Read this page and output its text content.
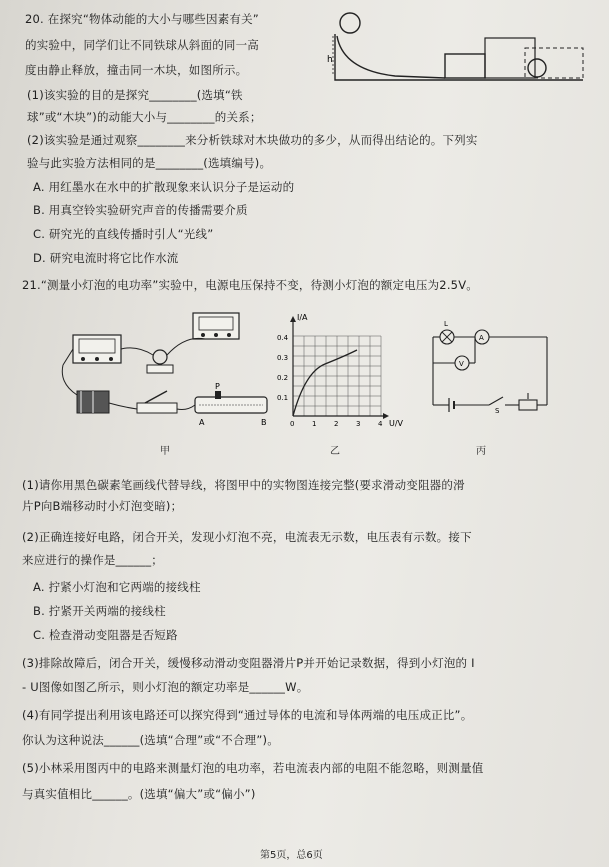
20. 在探究“物体动能的大小与哪些因素有关”
的实验中，同学们让不同铁球从斜面的同一高
度由静止释放，撞击同一木块，如图所示。
(1)该实验的目的是探究________(选填“铁
球”或“木块”)的动能大小与________的关系；
(2)该实验是通过观察________来分析铁球对木块做功的多少，从而得出结论的。下列实
验与此实验方法相同的是________(选填编号)。
A. 用红墨水在水中的扩散现象来认识分子是运动的
B. 用真空铃实验研究声音的传播需要介质
C. 研究光的直线传播时引人“光线”
D. 研究电流时将它比作水流
h
21.“测量小灯泡的电功率”实验中，电源电压保持不变，待测小灯泡的额定电压为2.5V。
P
A	B
甲
I/A
U/V
0.4
0.3
0.2
0.1
0	1	2	3	4
乙
L
A
V
S
丙
(1)请你用黑色碳素笔画线代替导线，将图甲中的实物图连接完整(要求滑动变阻器的滑
片P向B端移动时小灯泡变暗)；
(2)正确连接好电路，闭合开关，发现小灯泡不亮，电流表无示数，电压表有示数。接下
来应进行的操作是______；
A. 拧紧小灯泡和它两端的接线柱
B. 拧紧开关两端的接线柱
C. 检查滑动变阻器是否短路
(3)排除故障后，闭合开关，缓慢移动滑动变阻器滑片P并开始记录数据，得到小灯泡的 I
- U图像如图乙所示，则小灯泡的额定功率是______W。
(4)有同学提出利用该电路还可以探究得到“通过导体的电流和导体两端的电压成正比”。
你认为这种说法______(选填“合理”或“不合理”)。
(5)小林采用图丙中的电路来测量灯泡的电功率，若电流表内部的电阻不能忽略，则测量值
与真实值相比______。(选填“偏大”或“偏小”)
第5页，总6页
